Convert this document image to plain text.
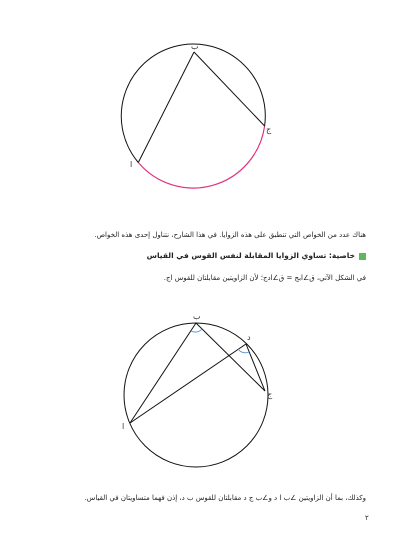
ب
ج
ا
هناك عدد من الخواص التي تنطبق على هذه الزوايا. في هذا الشارح، نتناول إحدى هذه الخواص.
خاصية: تساوي الزوايا المقابلة لنفس القوس في القياس
في الشكل الآتي، ق∠ابج = ق∠ادج؛ لأن الزاويتين مقابلتان للقوس اج.
ب
د
ج
ا
وكذلك، بما أن الزاويتين ∠ب ا د و∠ب ج د مقابلتان للقوس ب د، إذن فهما متساويتان في القياس.
٢
